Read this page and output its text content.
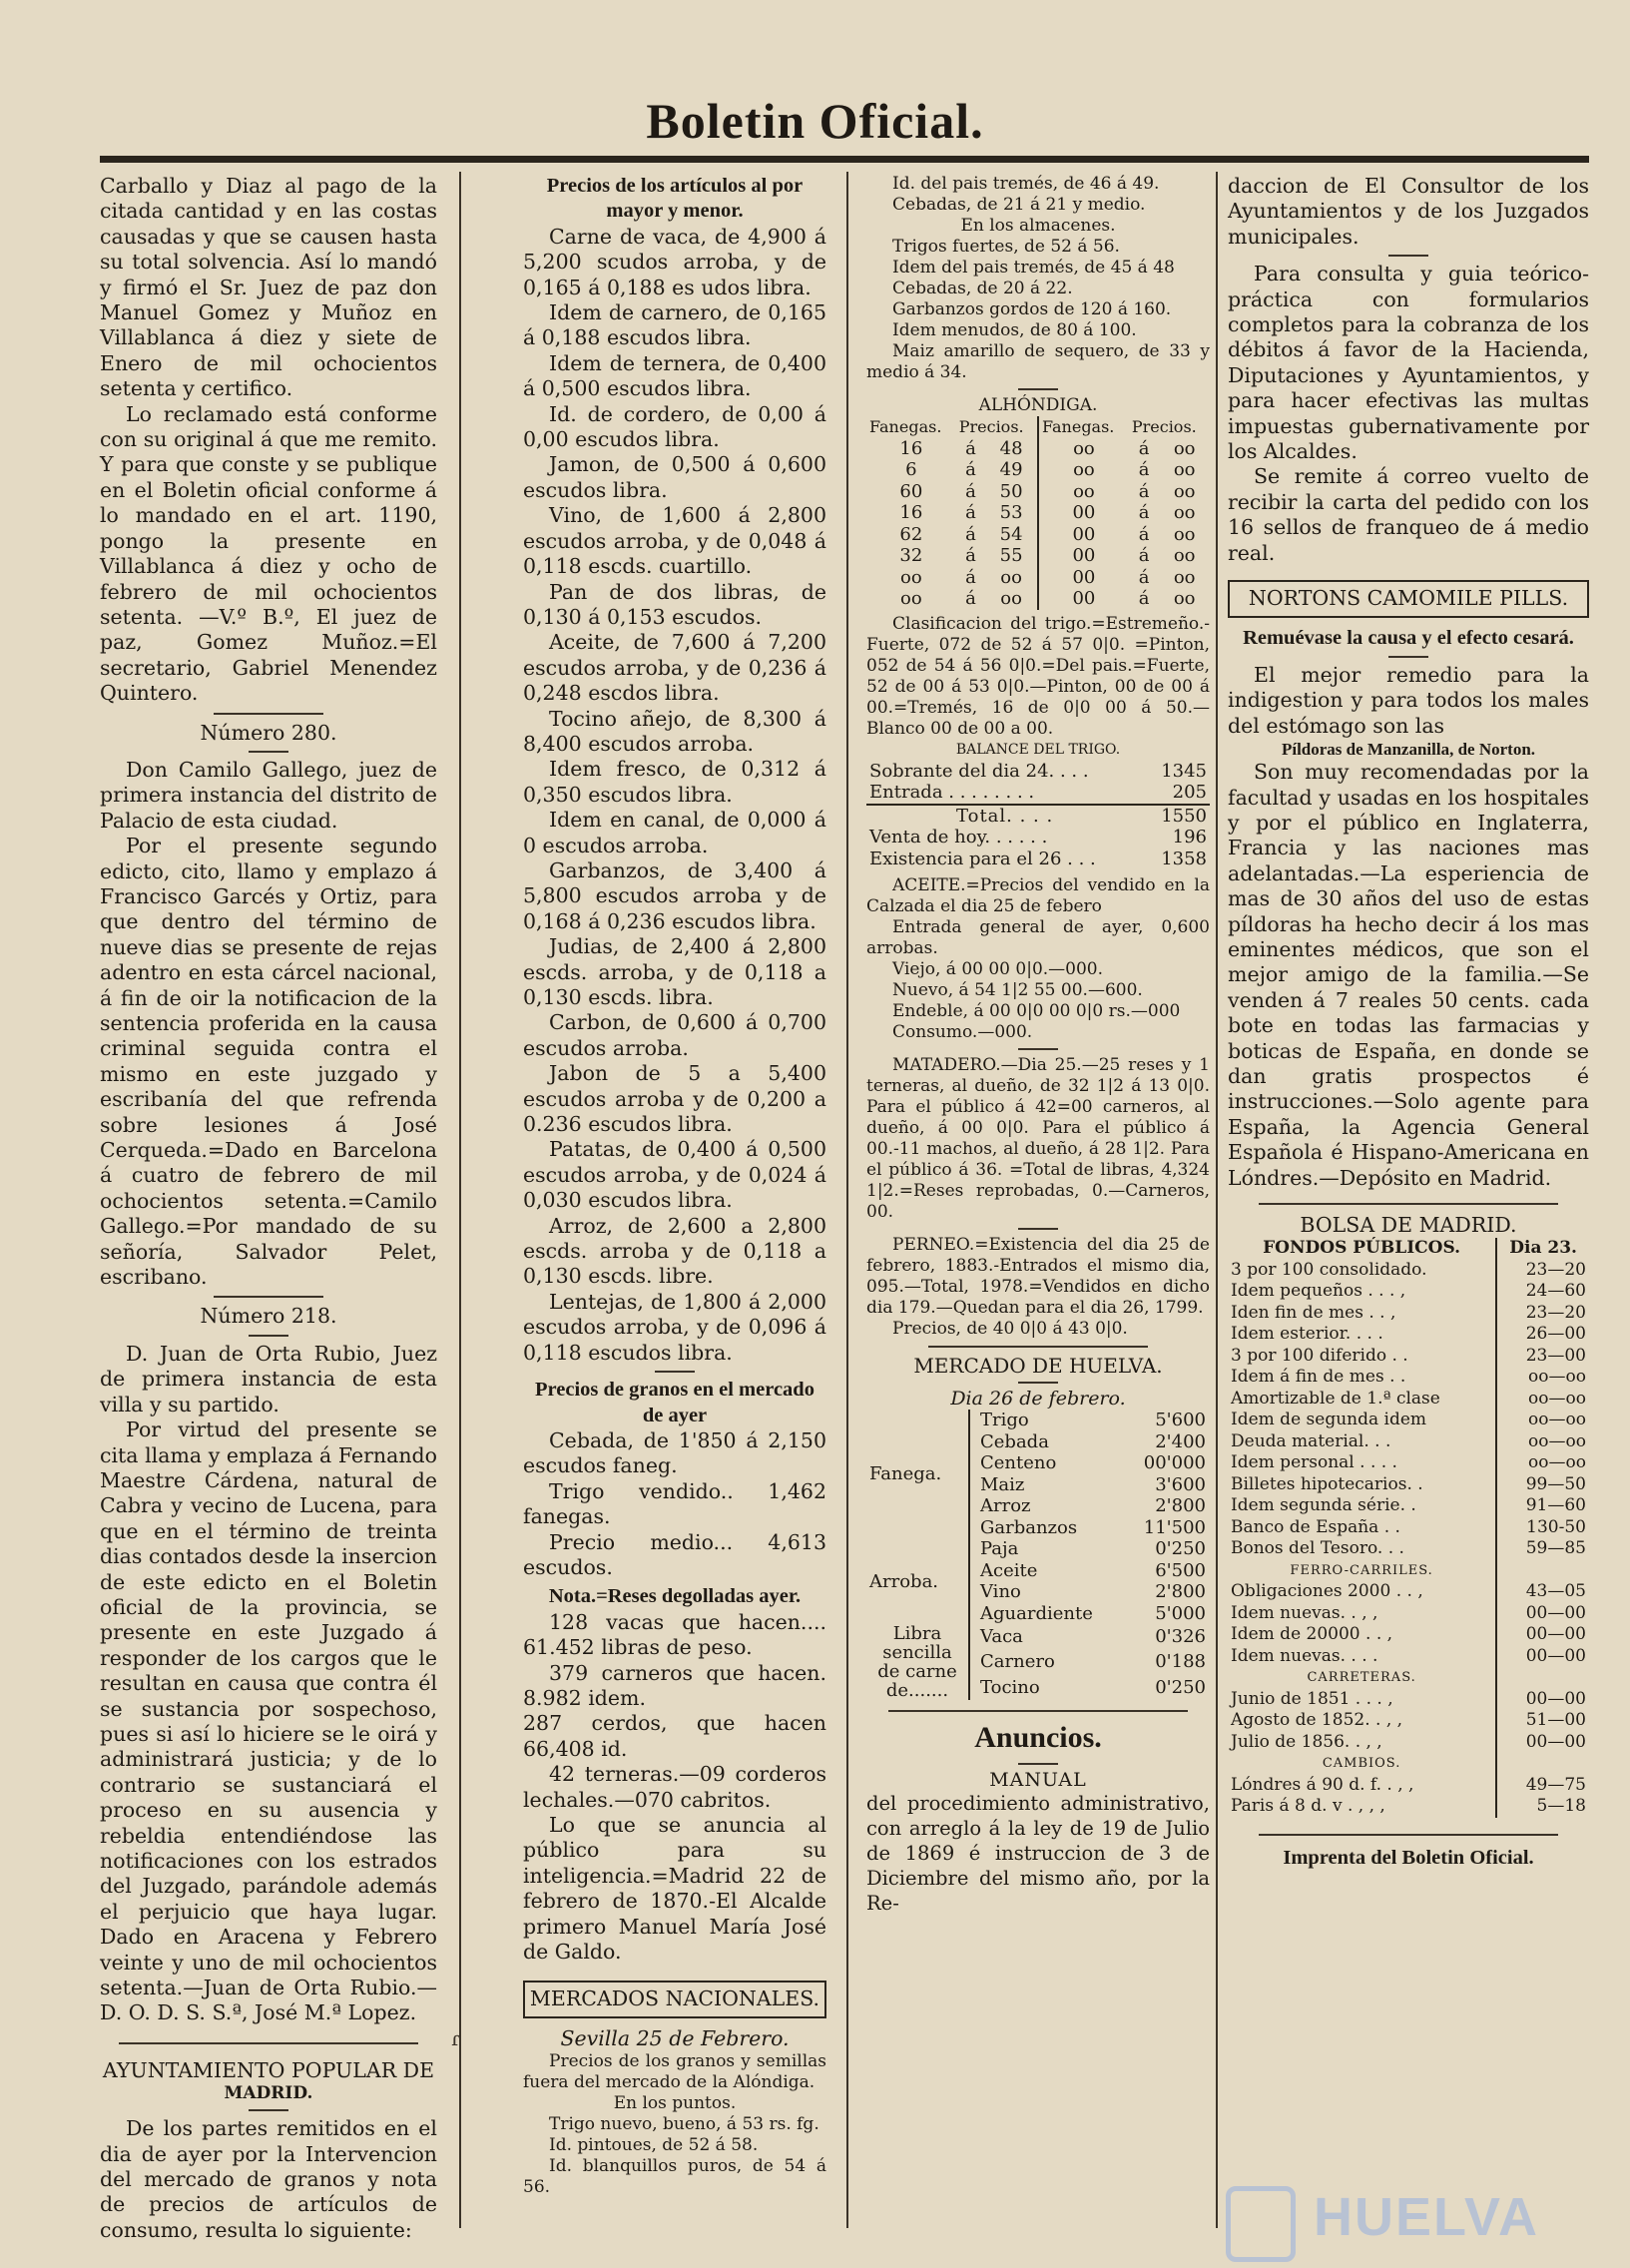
Boletin Oficial.

Carballo y Diaz al pago de la citada cantidad y en las costas causadas y que se causen hasta su total solvencia. Así lo mandó y firmó el Sr. Juez de paz don Manuel Gomez y Muñoz en Villablanca á diez y siete de Enero de mil ochocientos setenta y certifico.

Lo reclamado está conforme con su original á que me remito. Y para que conste y se publique en el Boletin oficial conforme á lo mandado en el art. 1190, pongo la presente en Villablanca á diez y ocho de febrero de mil ochocientos setenta. —V.º B.º, El juez de paz, Gomez Muñoz.=El secretario, Gabriel Menendez Quintero.

Número 280.

Don Camilo Gallego, juez de primera instancia del distrito de Palacio de esta ciudad.

Por el presente segundo edicto, cito, llamo y emplazo á Francisco Garcés y Ortiz, para que dentro del término de nueve dias se presente de rejas adentro en esta cárcel nacional, á fin de oir la notificacion de la sentencia proferida en la causa criminal seguida contra el mismo en este juzgado y escribanía del que refrenda sobre lesiones á José Cerqueda.=Dado en Barcelona á cuatro de febrero de mil ochocientos setenta.=Camilo Gallego.=Por mandado de su señoría, Salvador Pelet, escribano.

Número 218.

D. Juan de Orta Rubio, Juez de primera instancia de esta villa y su partido.

Por virtud del presente se cita llama y emplaza á Fernando Maestre Cárdena, natural de Cabra y vecino de Lucena, para que en el término de treinta dias contados desde la insercion de este edicto en el Boletin oficial de la provincia, se presente en este Juzgado á responder de los cargos que le resultan en causa que contra él se sustancia por sospechoso, pues si así lo hiciere se le oirá y administrará justicia; y de lo contrario se sustanciará el proceso en su ausencia y rebeldia entendiéndose las notificaciones con los estrados del Juzgado, parándole además el perjuicio que haya lugar. Dado en Aracena y Febrero veinte y uno de mil ochocientos setenta.—Juan de Orta Rubio.—D. O. D. S. S.ª, José M.ª Lopez.

AYUNTAMIENTO POPULAR DE

MADRID.

De los partes remitidos en el dia de ayer por la Intervencion del mercado de granos y nota de precios de artículos de consumo, resulta lo siguiente:

Precios de los artículos al por mayor y menor.

Carne de vaca, de 4,900 á 5,200 scudos arroba, y de 0,165 á 0,188 es udos libra.

Idem de carnero, de 0,165 á 0,188 escudos libra.

Idem de ternera, de 0,400 á 0,500 escudos libra.

Id. de cordero, de 0,00 á 0,00 escudos libra.

Jamon, de 0,500 á 0,600 escudos libra.

Vino, de 1,600 á 2,800 escudos arroba, y de 0,048 á 0,118 escds. cuartillo.

Pan de dos libras, de 0,130 á 0,153 escudos.

Aceite, de 7,600 á 7,200 escudos arroba, y de 0,236 á 0,248 escdos libra.

Tocino añejo, de 8,300 á 8,400 escudos arroba.

Idem fresco, de 0,312 á 0,350 escudos libra.

Idem en canal, de 0,000 á 0 escudos arroba.

Garbanzos, de 3,400 á 5,800 escudos arroba y de 0,168 á 0,236 escudos libra.

Judias, de 2,400 á 2,800 escds. arroba, y de 0,118 a 0,130 escds. libra.

Carbon, de 0,600 á 0,700 escudos arroba.

Jabon de 5 a 5,400 escudos arroba y de 0,200 a 0.236 escudos libra.

Patatas, de 0,400 á 0,500 escudos arroba, y de 0,024 á 0,030 escudos libra.

Arroz, de 2,600 a 2,800 escds. arroba y de 0,118 a 0,130 escds. libre.

Lentejas, de 1,800 á 2,000 escudos arroba, y de 0,096 á 0,118 escudos libra.

Precios de granos en el mercado de ayer

Cebada, de 1'850 á 2,150 escudos faneg.

Trigo vendido.. 1,462 fanegas.

Precio medio... 4,613 escudos.

Nota.=Reses degolladas ayer.

128 vacas que hacen.... 61.452 libras de peso.

379 carneros que hacen. 8.982 idem.

287 cerdos, que hacen 66,408 id.

42 terneras.—09 corderos lechales.—070 cabritos.

Lo que se anuncia al público para su inteligencia.=Madrid 22 de febrero de 1870.-El Alcalde primero Manuel María José de Galdo.

MERCADOS NACIONALES.

Sevilla 25 de Febrero.

Precios de los granos y semillas fuera del mercado de la Alóndiga.

En los puntos.

Trigo nuevo, bueno, á 53 rs. fg.

Id. pintoues, de 52 á 58.

Id. blanquillos puros, de 54 á 56.

Id. del pais tremés, de 46 á 49.

Cebadas, de 21 á 21 y medio.

En los almacenes.

Trigos fuertes, de 52 á 56.

Idem del pais tremés, de 45 á 48

Cebadas, de 20 á 22.

Garbanzos gordos de 120 á 160.

Idem menudos, de 80 á 100.

Maiz amarillo de sequero, de 33 y medio á 34.

ALHÓNDIGA.

Fanegas.	Precios.		Fanegas.	Precios.	
16	á	48	oo	á	oo
6	á	49	oo	á	oo
60	á	50	oo	á	oo
16	á	53	00	á	oo
62	á	54	00	á	oo
32	á	55	00	á	oo
oo	á	oo	00	á	oo
oo	á	oo	00	á	oo

Clasificacion del trigo.=Estremeño.-Fuerte, 072 de 52 á 57 0|0. =Pinton, 052 de 54 á 56 0|0.=Del pais.=Fuerte, 52 de 00 á 53 0|0.—Pinton, 00 de 00 á 00.=Tremés, 16 de 0|0 00 á 50.—Blanco 00 de 00 a 00.

BALANCE DEL TRIGO.

Sobrante del dia 24. . . .	1345
Entrada . . . . . . . .	205
Total. . . .	1550
Venta de hoy. . . . . .	196
Existencia para el 26 . . .	1358

ACEITE.=Precios del vendido en la Calzada el dia 25 de febero

Entrada general de ayer, 0,600 arrobas.

Viejo, á 00 00 0|0.—000.

Nuevo, á 54 1|2 55 00.—600.

Endeble, á 00 0|0 00 0|0 rs.—000

Consumo.—000.

MATADERO.—Dia 25.—25 reses y 1 terneras, al dueño, de 32 1|2 á 13 0|0. Para el público á 42=00 carneros, al dueño, á 00 0|0. Para el público á 00.-11 machos, al dueño, á 28 1|2. Para el público á 36. =Total de libras, 4,324 1|2.=Reses reprobadas, 0.—Carneros, 00.

PERNEO.=Existencia del dia 25 de febrero, 1883.-Entrados el mismo dia, 095.—Total, 1978.=Vendidos en dicho dia 179.—Quedan para el dia 26, 1799.

Precios, de 40 0|0 á 43 0|0.

MERCADO DE HUELVA.

Dia 26 de febrero.

Fanega.	Trigo	5'600
	Cebada	2'400
	Centeno	00'000
	Maiz	3'600
	Arroz	2'800
	Garbanzos	11'500
Arroba.	Paja	0'250
	Aceite	6'500
	Vino	2'800
	Aguardiente	5'000
Libra sencilla de carne de.......	Vaca	0'326
	Carnero	0'188
	Tocino	0'250

Anuncios.

MANUAL

del procedimiento administrativo, con arreglo á la ley de 19 de Julio de 1869 é instruccion de 3 de Diciembre del mismo año, por la Re-

daccion de El Consultor de los Ayuntamientos y de los Juzgados municipales.

Para consulta y guia teórico-práctica con formularios completos para la cobranza de los débitos á favor de la Hacienda, Diputaciones y Ayuntamientos, y para hacer efectivas las multas impuestas gubernativamente por los Alcaldes.

Se remite á correo vuelto de recibir la carta del pedido con los 16 sellos de franqueo de á medio real.

NORTONS CAMOMILE PILLS.

Remuévase la causa y el efecto cesará.

El mejor remedio para la indigestion y para todos los males del estómago son las

Píldoras de Manzanilla, de Norton.

Son muy recomendadas por la facultad y usadas en los hospitales y por el público en Inglaterra, Francia y las naciones mas adelantadas.—La esperiencia de mas de 30 años del uso de estas píldoras ha hecho decir á los mas eminentes médicos, que son el mejor amigo de la familia.—Se venden á 7 reales 50 cents. cada bote en todas las farmacias y boticas de España, en donde se dan gratis prospectos é instrucciones.—Solo agente para España, la Agencia General Española é Hispano-Americana en Lóndres.—Depósito en Madrid.

BOLSA DE MADRID.

FONDOS PÚBLICOS.	Dia 23.
3 por 100 consolidado.	23—20
Idem pequeños . . . ,	24—60
Iden fin de mes . . ,	23—20
Idem esterior. . . .	26—00
3 por 100 diferido . .	23—00
Idem á fin de mes . .	oo—oo
Amortizable de 1.ª clase	oo—oo
Idem de segunda idem	oo—oo
Deuda material. . .	oo—oo
Idem personal . . . .	oo—oo
Billetes hipotecarios. .	99—50
Idem segunda série. .	91—60
Banco de España . .	130-50
Bonos del Tesoro. . .	59—85
FERRO-CARRILES.	
Obligaciones 2000 . . ,	43—05
Idem nuevas. . , ,	00—00
Idem de 20000 . . ,	00—00
Idem nuevas. . . .	00—00
CARRETERAS.	
Junio de 1851 . . . ,	00—00
Agosto de 1852. . , ,	51—00
Julio de 1856. . , ,	00—00
CAMBIOS.	
Lóndres á 90 d. f. . , ,	49—75
Paris á 8 d. v . , , ,	5—18

Imprenta del Boletin Oficial.

ɾ
HUELVA
